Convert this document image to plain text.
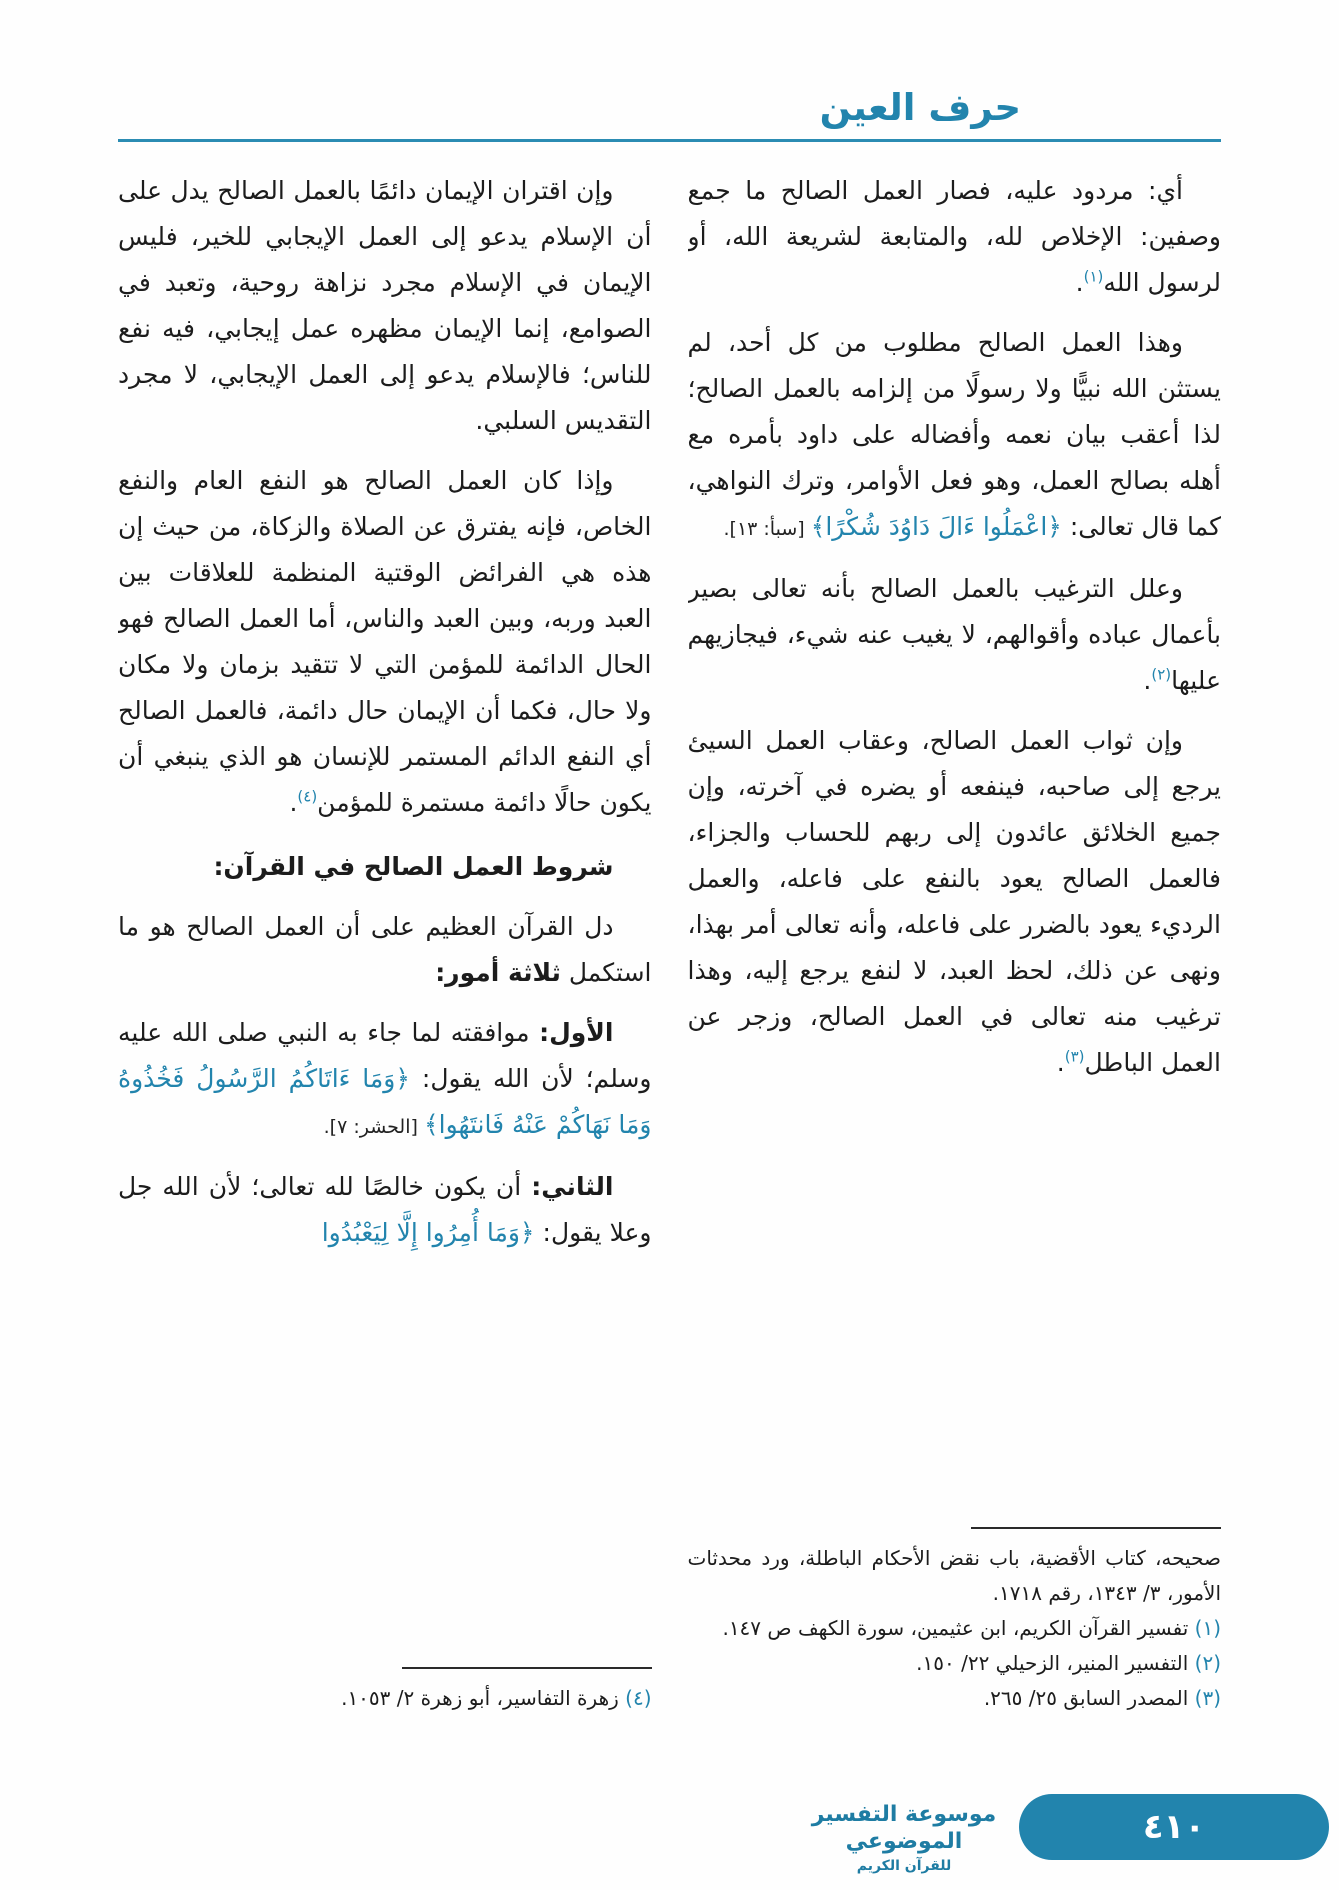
حرف العين

أي: مردود عليه، فصار العمل الصالح ما جمع وصفين: الإخلاص لله، والمتابعة لشريعة الله، أو لرسول الله$^{(١)}$.

وهذا العمل الصالح مطلوب من كل أحد، لم يستثن الله نبيًّا ولا رسولًا من إلزامه بالعمل الصالح؛ لذا أعقب بيان نعمه وأفضاله على داود بأمره مع أهله بصالح العمل، وهو فعل الأوامر، وترك النواهي، كما قال تعالى: ﴿اعْمَلُوا ءَالَ دَاوُدَ شُكْرًا﴾ [سبأ: ١٣].

وعلل الترغيب بالعمل الصالح بأنه تعالى بصير بأعمال عباده وأقوالهم، لا يغيب عنه شيء، فيجازيهم عليها$^{(٢)}$.

وإن ثواب العمل الصالح، وعقاب العمل السيئ يرجع إلى صاحبه، فينفعه أو يضره في آخرته، وإن جميع الخلائق عائدون إلى ربهم للحساب والجزاء، فالعمل الصالح يعود بالنفع على فاعله، والعمل الرديء يعود بالضرر على فاعله، وأنه تعالى أمر بهذا، ونهى عن ذلك، لحظ العبد، لا لنفع يرجع إليه، وهذا ترغيب منه تعالى في العمل الصالح، وزجر عن العمل الباطل$^{(٣)}$.

صحيحه، كتاب الأقضية، باب نقض الأحكام الباطلة، ورد محدثات الأمور، ٣/ ١٣٤٣، رقم ١٧١٨.

(١) تفسير القرآن الكريم، ابن عثيمين، سورة الكهف ص ١٤٧.

(٢) التفسير المنير، الزحيلي ٢٢/ ١٥٠.

(٣) المصدر السابق ٢٥/ ٢٦٥.

وإن اقتران الإيمان دائمًا بالعمل الصالح يدل على أن الإسلام يدعو إلى العمل الإيجابي للخير، فليس الإيمان في الإسلام مجرد نزاهة روحية، وتعبد في الصوامع، إنما الإيمان مظهره عمل إيجابي، فيه نفع للناس؛ فالإسلام يدعو إلى العمل الإيجابي، لا مجرد التقديس السلبي.

وإذا كان العمل الصالح هو النفع العام والنفع الخاص، فإنه يفترق عن الصلاة والزكاة، من حيث إن هذه هي الفرائض الوقتية المنظمة للعلاقات بين العبد وربه، وبين العبد والناس، أما العمل الصالح فهو الحال الدائمة للمؤمن التي لا تتقيد بزمان ولا مكان ولا حال، فكما أن الإيمان حال دائمة، فالعمل الصالح أي النفع الدائم المستمر للإنسان هو الذي ينبغي أن يكون حالًا دائمة مستمرة للمؤمن$^{(٤)}$.

شروط العمل الصالح في القرآن:

دل القرآن العظيم على أن العمل الصالح هو ما استكمل ثلاثة أمور:

الأول: موافقته لما جاء به النبي صلى الله عليه وسلم؛ لأن الله يقول: ﴿وَمَا ءَاتَاكُمُ الرَّسُولُ فَخُذُوهُ وَمَا نَهَاكُمْ عَنْهُ فَانتَهُوا﴾ [الحشر: ٧].

الثاني: أن يكون خالصًا لله تعالى؛ لأن الله جل وعلا يقول: ﴿وَمَا أُمِرُوا إِلَّا لِيَعْبُدُوا

(٤) زهرة التفاسير، أبو زهرة ٢/ ١٠٥٣.

موسوعة التفسير الموضوعي
للقرآن الكريم
٤١٠
